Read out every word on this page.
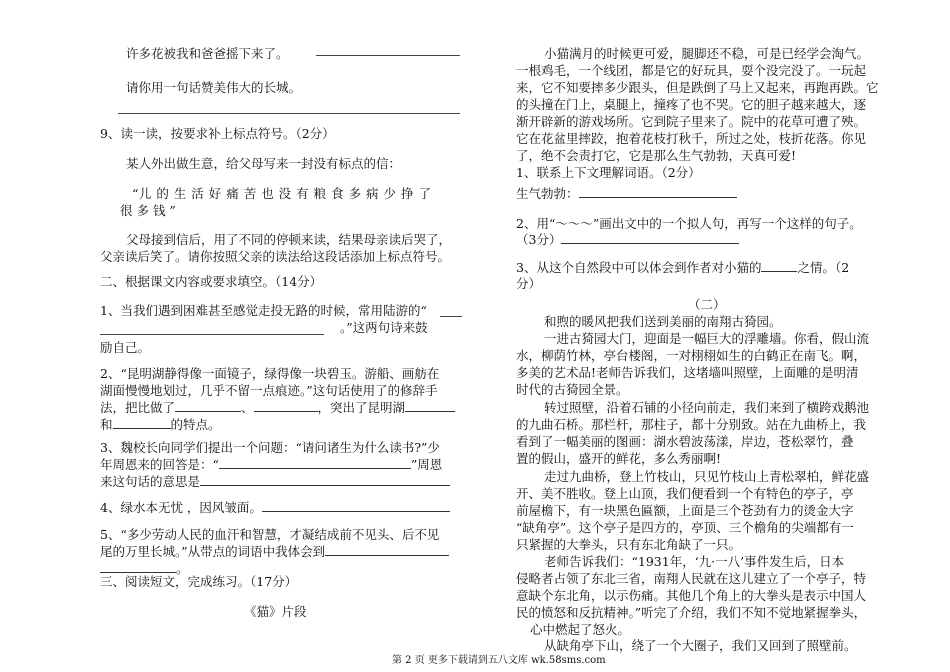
许多花被我和爸爸摇下来了。
请你用一句话赞美伟大的长城。
9、读一读，按要求补上标点符号。（2分）
某人外出做生意，给父母写来一封没有标点的信：
“儿 的 生 活 好 痛 苦 也 没 有 粮 食 多 病 少 挣 了
很 多 钱 ”
父母接到信后，用了不同的停顿来读，结果母亲读后哭了，
父亲读后笑了。请你按照父亲的读法给这段话添加上标点符号。
二、根据课文内容或要求填空。（14分）
1、当我们遇到困难甚至感觉走投无路的时候，常用陆游的“
。”这两句诗来鼓
励自己。
2、“昆明湖静得像一面镜子，绿得像一块碧玉。游船、画舫在
湖面慢慢地划过，几乎不留一点痕迹。”这句话使用了的修辞手
法，把比做了	、	，突出了昆明湖
和	的特点。
3、魏校长向同学们提出一个问题：“请问诸生为什么读书?”少
年周恩来的回答是：“	”周恩
来这句话的意思是
4、绿水本无忧 ，因风皱面。
5、“多少劳动人民的血汗和智慧，才凝结成前不见头、后不见
尾的万里长城。”从带点的词语中我体会到
。
三、阅读短文，完成练习。（17分）
《猫》片段
小猫满月的时候更可爱，腿脚还不稳，可是已经学会淘气。
一根鸡毛，一个线团，都是它的好玩具，耍个没完没了。一玩起
来，它不知要摔多少跟头，但是跌倒了马上又起来，再跑再跌。它
的头撞在门上，桌腿上，撞疼了也不哭。它的胆子越来越大，逐
渐开辟新的游戏场所。它到院子里来了。院中的花草可遭了殃。
它在花盆里摔跤，抱着花枝打秋千，所过之处，枝折花落。你见
了，绝不会责打它，它是那么生气勃勃，天真可爱!
1、联系上下文理解词语。（2分）
生气勃勃：
2、用“～～～”画出文中的一个拟人句，再写一个这样的句子。
（3分）
3、从这个自然段中可以体会到作者对小猫的	之情。（2
分）
（二）
和煦的暖风把我们送到美丽的南翔古猗园。
一进古猗园大门，迎面是一幅巨大的浮雕墙。你看，假山流
水，柳荫竹林，亭台楼阁，一对栩栩如生的白鹤正在南飞。啊，
多美的艺术品!老师告诉我们，这堵墙叫照壁，上面雕的是明清
时代的古猗园全景。
转过照壁，沿着石铺的小径向前走，我们来到了横跨戏鹅池
的九曲石桥。那栏杆，那柱子，都十分别致。站在九曲桥上，我
看到了一幅美丽的图画：湖水碧波荡漾，岸边，苍松翠竹，叠
置的假山，盛开的鲜花，多么秀丽啊!
走过九曲桥，登上竹枝山，只见竹枝山上青松翠柏，鲜花盛
开、美不胜收。登上山顶，我们便看到一个有特色的亭子，亭
前屋檐下，有一块黑色匾额，上面是三个苍劲有力的烫金大字
“缺角亭”。这个亭子是四方的，亭顶、三个檐角的尖端都有一
只紧握的大拳头，只有东北角缺了一只。
老师告诉我们：“1931年，‘九·一八’事件发生后，日本
侵略者占领了东北三省，南翔人民就在这儿建立了一个亭子，特
意缺个东北角，以示伤痛。其他几个角上的大拳头是表示中国人
民的愤怒和反抗精神。”听完了介绍，我们不知不觉地紧握拳头，
心中燃起了怒火。
从缺角亭下山，绕了一个大圈子，我们又回到了照壁前。
第 2 页 更多下载请到五八文库 wk.58sms.com
